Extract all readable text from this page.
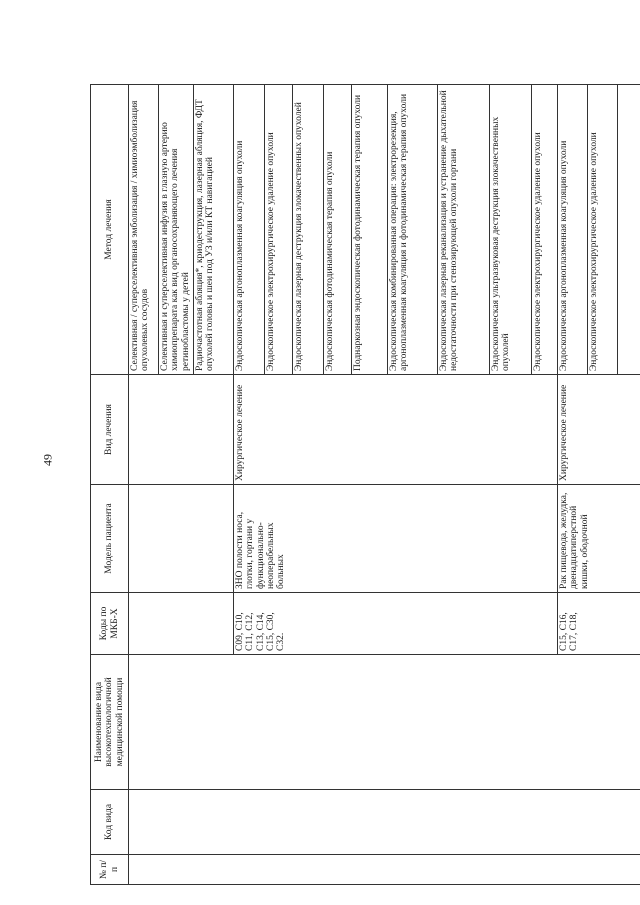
49
№ п/п	Код вида	Наименование вида высокотехнологичной медицинской помощи	Коды по МКБ-Х	Модель пациента	Вид лечения	Метод лечения
						Селективная / суперселективная эмболизация / химиоэмболизация опухолевых сосудов
						Селективная и суперселективная инфузия в глазную артерию химиопрепарата как вид органосохраняющего лечения ретинобластомы у детей
						Радиочастотная абляция*, криодеструкция, лазерная абляция, ФДТ опухолей головы и шеи под УЗ и/или КТ навигацией
			C09, C10, C11, C12, C13, C14, C15, C30, C32.	ЗНО полости носа, глотки, гортани у функционально-неоперабельных больных	Хирургическое лечение	Эндоскопическая аргоноплазменная коагуляция опухоли
						Эндоскопическое электрохирургическое удаление опухоли
						Эндоскопическая лазерная деструкция злокачественных опухолей
						Эндоскопическая фотодинамическая терапия опухоли
						Поднаркозная эндоскопическая фотодинамическая терапия опухоли
						Эндоскопическая комбинированная операция: электрорезекция, аргоноплазменная коагуляция и фотодинамическая терапия опухоли
						Эндоскопическая лазерная реканализация и устранение дыхательной недостаточности при стенозирующей опухоли гортани
						Эндоскопическая ультразвуковая деструкция злокачественных опухолей
						Эндоскопическое электрохирургическое удаление опухоли
			C15, C16, C17, C18,	Рак пищевода, желудка, двенадцатиперстной кишки, ободочной	Хирургическое лечение	Эндоскопическая аргоноплазменная коагуляция опухоли
						Эндоскопическое электрохирургическое удаление опухоли
